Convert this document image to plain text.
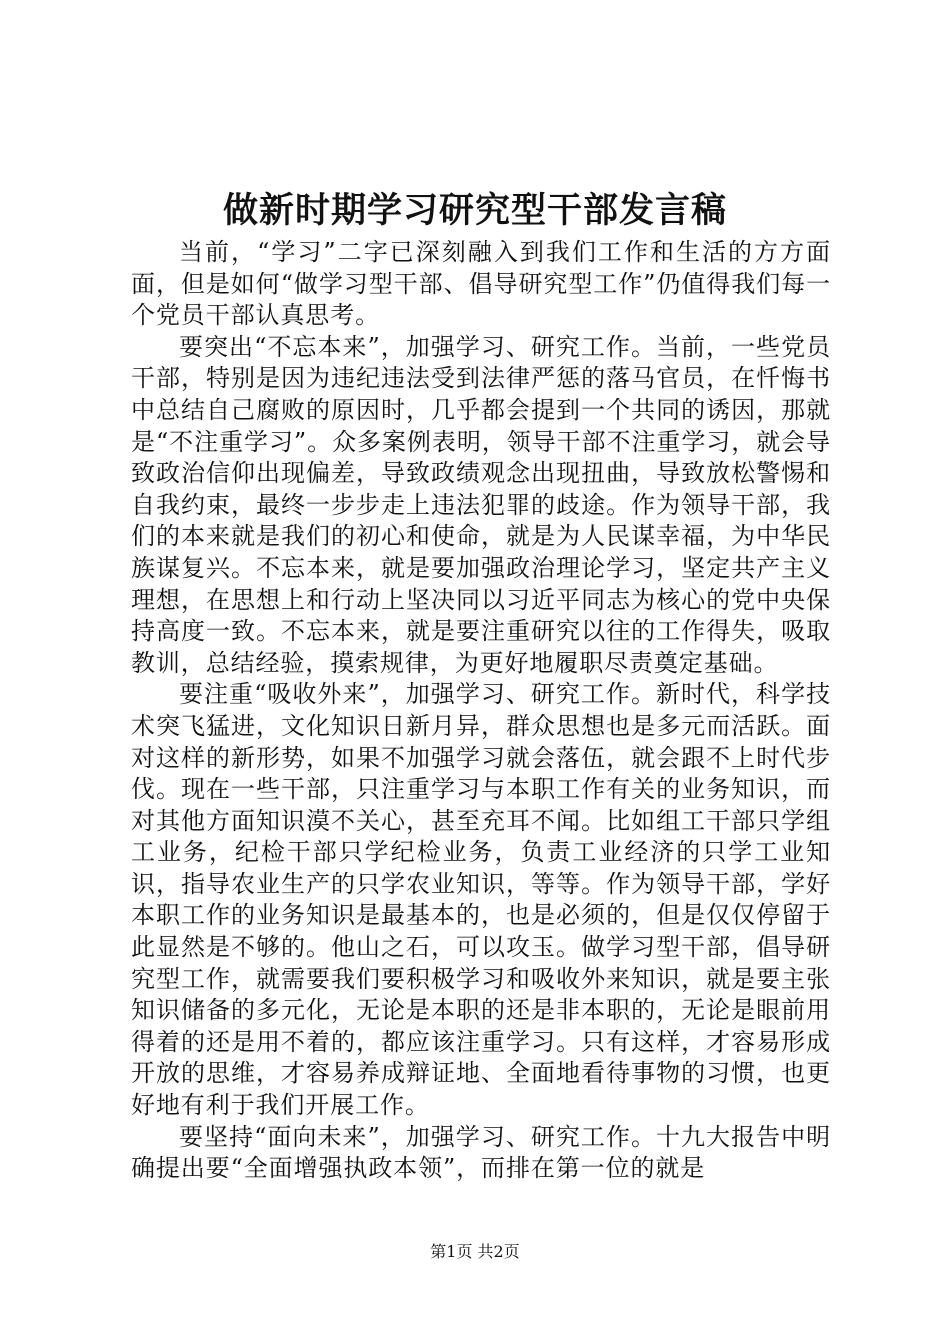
做新时期学习研究型干部发言稿

当前，“学习”二字已深刻融入到我们工作和生活的方方面面，但是如何“做学习型干部、倡导研究型工作”仍值得我们每一个党员干部认真思考。

要突出“不忘本来”，加强学习、研究工作。当前，一些党员干部，特别是因为违纪违法受到法律严惩的落马官员，在忏悔书中总结自己腐败的原因时，几乎都会提到一个共同的诱因，那就是“不注重学习”。众多案例表明，领导干部不注重学习，就会导致政治信仰出现偏差，导致政绩观念出现扭曲，导致放松警惕和自我约束，最终一步步走上违法犯罪的歧途。作为领导干部，我们的本来就是我们的初心和使命，就是为人民谋幸福，为中华民族谋复兴。不忘本来，就是要加强政治理论学习，坚定共产主义理想，在思想上和行动上坚决同以习近平同志为核心的党中央保持高度一致。不忘本来，就是要注重研究以往的工作得失，吸取教训，总结经验，摸索规律，为更好地履职尽责奠定基础。

要注重“吸收外来”，加强学习、研究工作。新时代，科学技术突飞猛进，文化知识日新月异，群众思想也是多元而活跃。面对这样的新形势，如果不加强学习就会落伍，就会跟不上时代步伐。现在一些干部，只注重学习与本职工作有关的业务知识，而对其他方面知识漠不关心，甚至充耳不闻。比如组工干部只学组工业务，纪检干部只学纪检业务，负责工业经济的只学工业知识，指导农业生产的只学农业知识，等等。作为领导干部，学好本职工作的业务知识是最基本的，也是必须的，但是仅仅停留于此显然是不够的。他山之石，可以攻玉。做学习型干部，倡导研究型工作，就需要我们要积极学习和吸收外来知识，就是要主张知识储备的多元化，无论是本职的还是非本职的，无论是眼前用得着的还是用不着的，都应该注重学习。只有这样，才容易形成开放的思维，才容易养成辩证地、全面地看待事物的习惯，也更好地有利于我们开展工作。

要坚持“面向未来”，加强学习、研究工作。十九大报告中明确提出要“全面增强执政本领”，而排在第一位的就是

第1页 共2页
